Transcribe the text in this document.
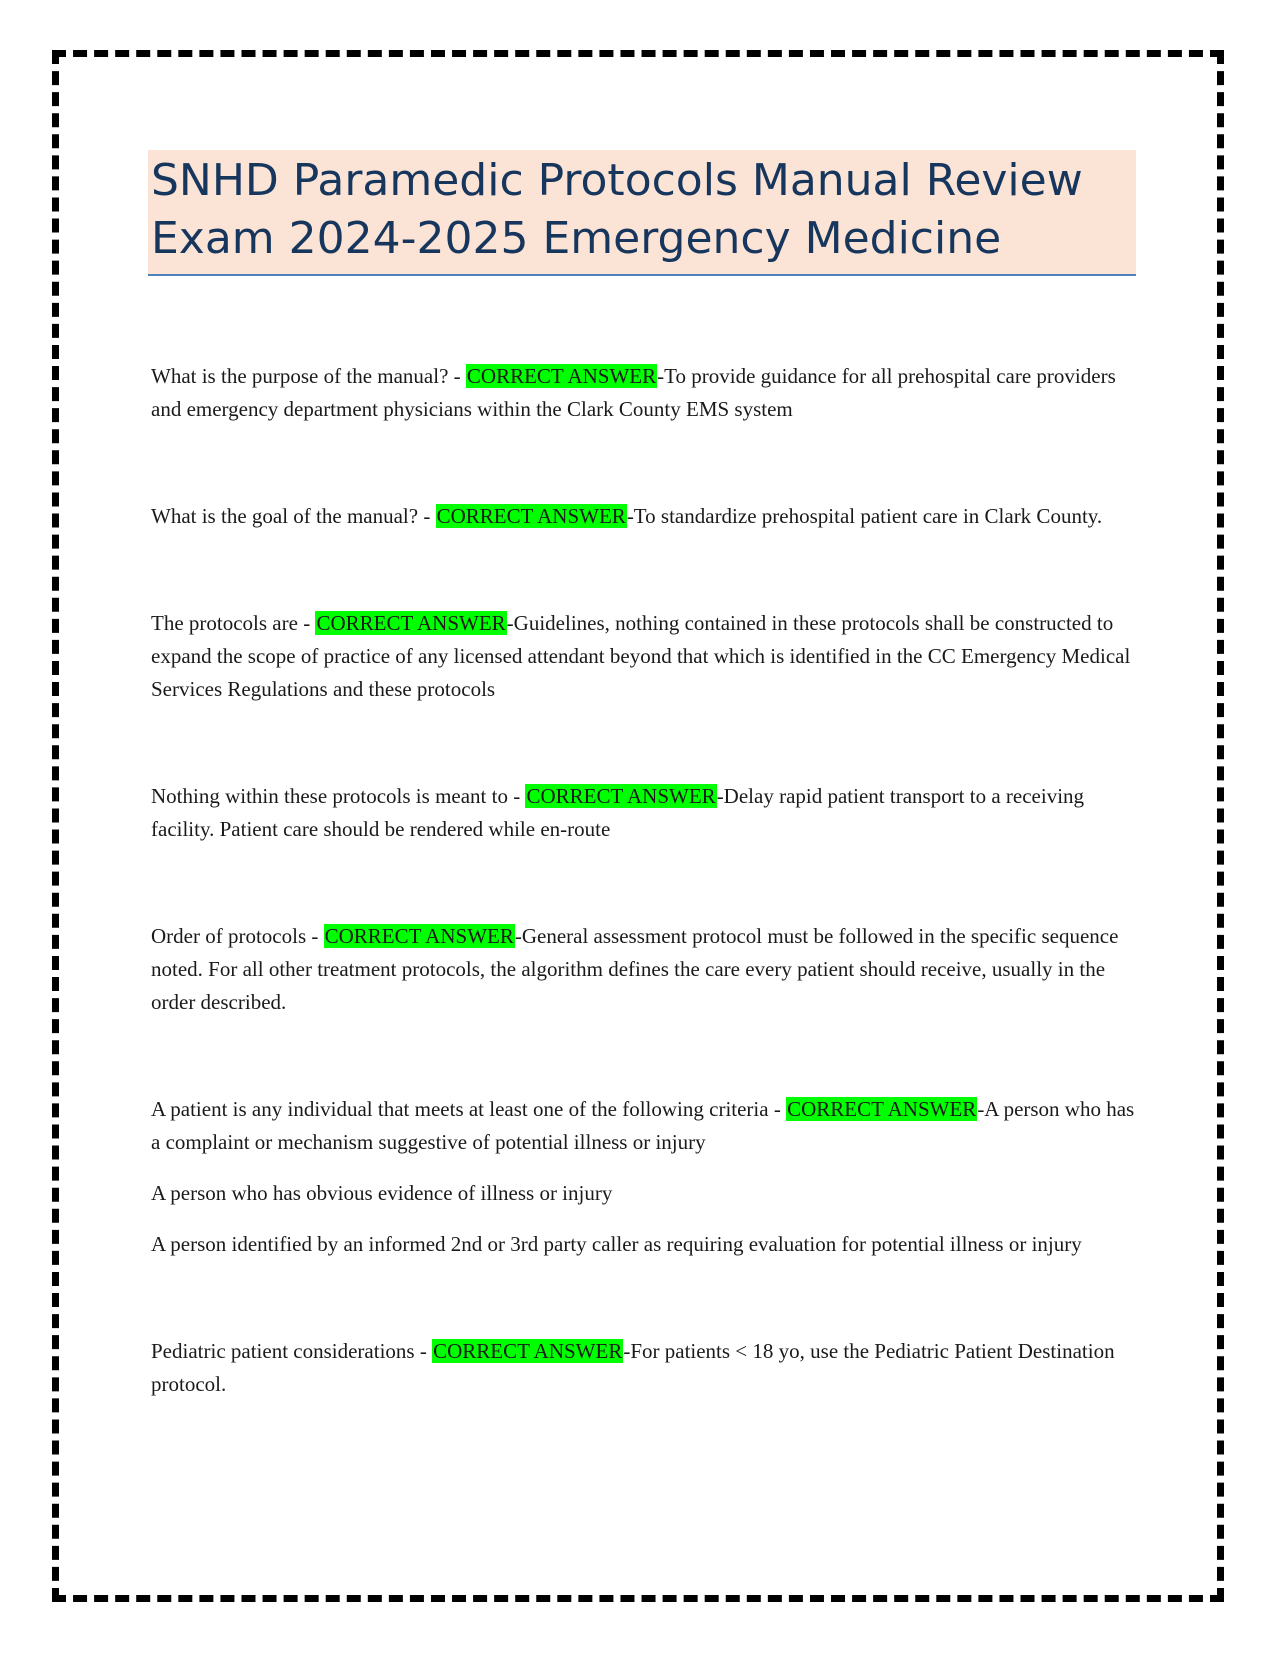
SNHD Paramedic Protocols Manual Review
Exam 2024-2025 Emergency Medicine

What is the purpose of the manual? - CORRECT ANSWER-To provide guidance for all prehospital care providers and emergency department physicians within the Clark County EMS system

What is the goal of the manual? - CORRECT ANSWER-To standardize prehospital patient care in Clark County.

The protocols are - CORRECT ANSWER-Guidelines, nothing contained in these protocols shall be constructed to expand the scope of practice of any licensed attendant beyond that which is identified in the CC Emergency Medical Services Regulations and these protocols

Nothing within these protocols is meant to - CORRECT ANSWER-Delay rapid patient transport to a receiving facility. Patient care should be rendered while en-route

Order of protocols - CORRECT ANSWER-General assessment protocol must be followed in the specific sequence noted. For all other treatment protocols, the algorithm defines the care every patient should receive, usually in the order described.

A patient is any individual that meets at least one of the following criteria - CORRECT ANSWER-A person who has a complaint or mechanism suggestive of potential illness or injury

A person who has obvious evidence of illness or injury

A person identified by an informed 2nd or 3rd party caller as requiring evaluation for potential illness or injury

Pediatric patient considerations - CORRECT ANSWER-For patients < 18 yo, use the Pediatric Patient Destination protocol.
